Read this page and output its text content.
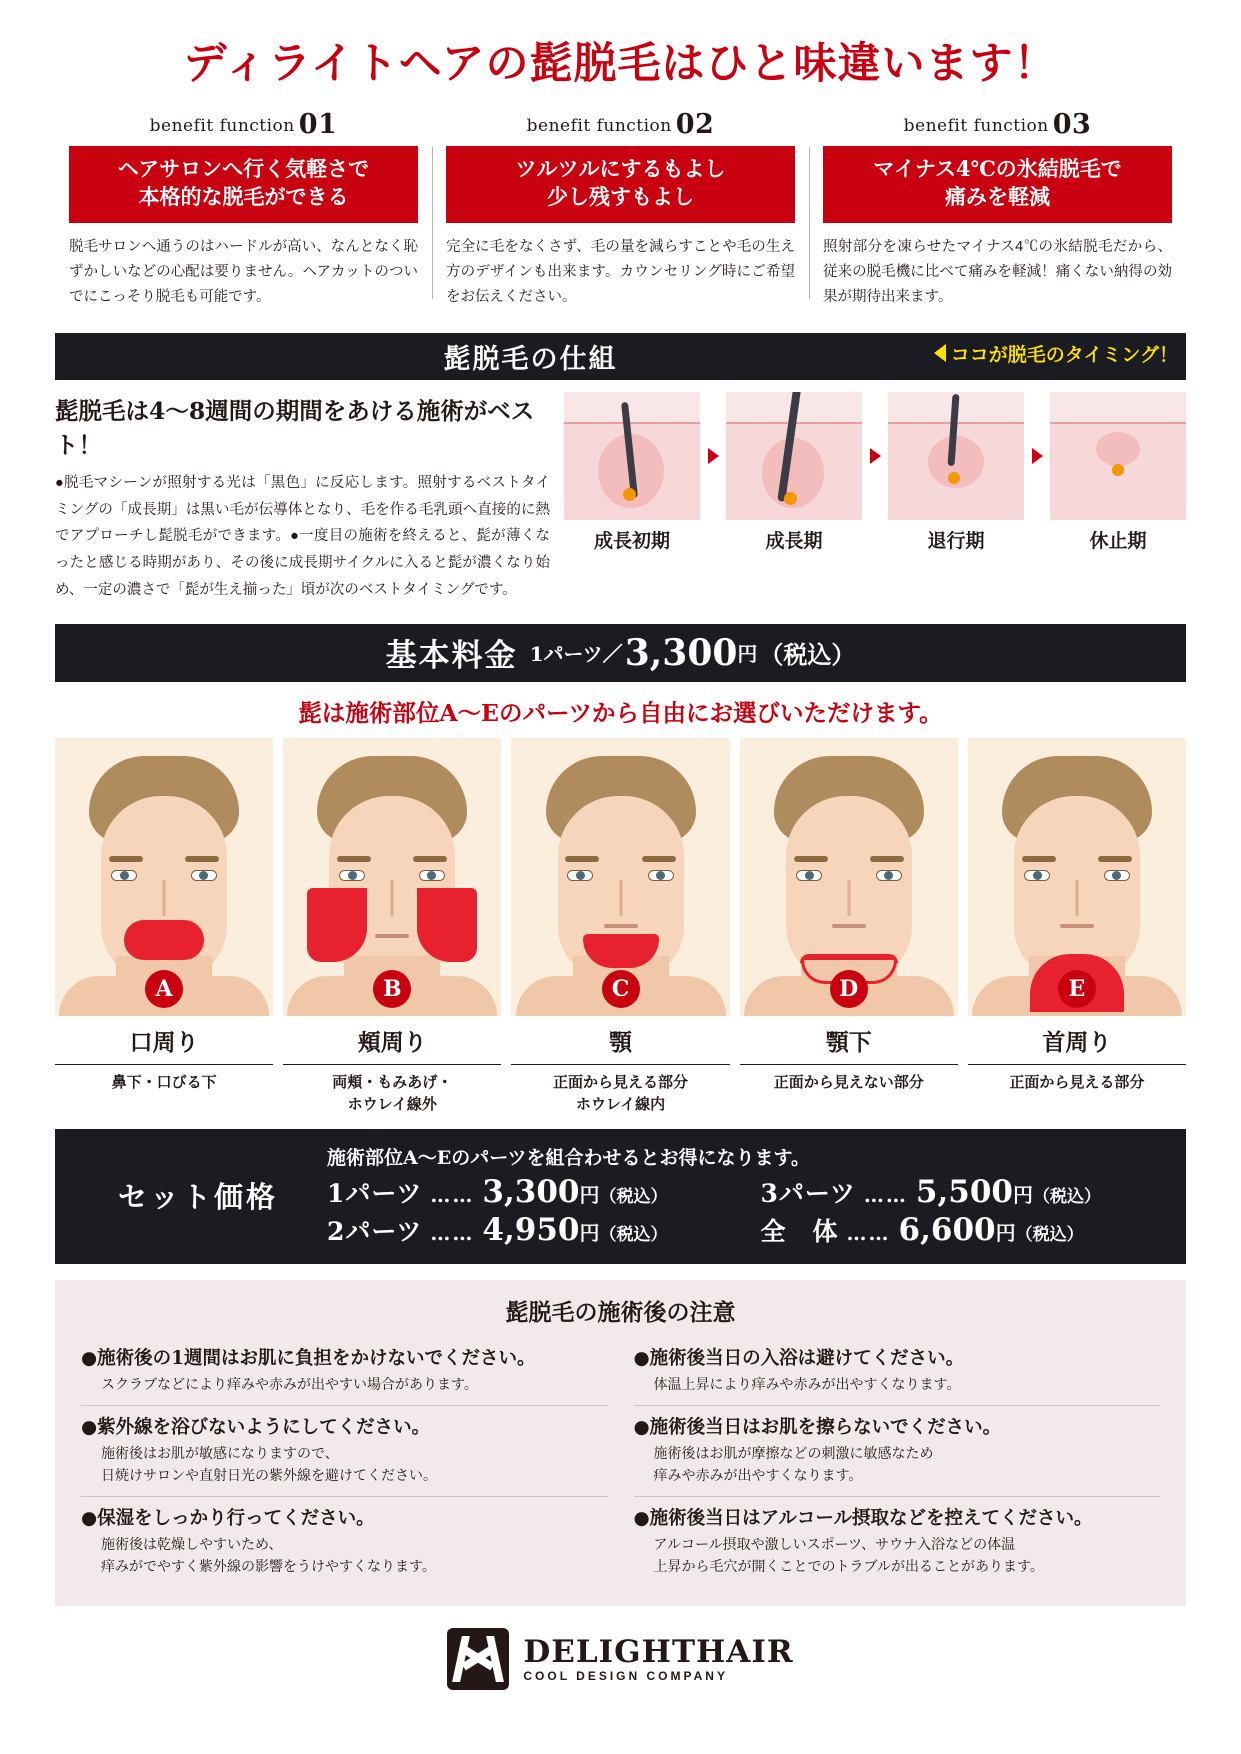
ディライトヘアの髭脱毛はひと味違います！
benefit function 01
ヘアサロンへ行く気軽さで
本格的な脱毛ができる
脱毛サロンへ通うのはハードルが高い、なんとなく恥ずかしいなどの心配は要りません。ヘアカットのついでにこっそり脱毛も可能です。
benefit function 02
ツルツルにするもよし
少し残すもよし
完全に毛をなくさず、毛の量を減らすことや毛の生え方のデザインも出来ます。カウンセリング時にご希望をお伝えください。
benefit function 03
マイナス4℃の氷結脱毛で
痛みを軽減
照射部分を凍らせたマイナス4℃の氷結脱毛だから、従来の脱毛機に比べて痛みを軽減！痛くない納得の効果が期待出来ます。
髭脱毛の仕組	ココが脱毛のタイミング！
髭脱毛は4〜8週間の期間をあける施術がベスト！
●脱毛マシーンが照射する光は「黒色」に反応します。照射するベストタイミングの「成長期」は黒い毛が伝導体となり、毛を作る毛乳頭へ直接的に熱でアプローチし髭脱毛ができます。●一度目の施術を終えると、髭が薄くなったと感じる時期があり、その後に成長期サイクルに入ると髭が濃くなり始め、一定の濃さで「髭が生え揃った」頃が次のベストタイミングです。
成長初期	成長期	退行期	休止期
基本料金 1パーツ／ 3,300 円 （税込）
髭は施術部位A〜Eのパーツから自由にお選びいただけます。
A
口周り
鼻下・口びる下
B
頬周り
両頬・もみあげ・
ホウレイ線外
C
顎
正面から見える部分
ホウレイ線内
D
顎下
正面から見えない部分
E
首周り
正面から見える部分
セット価格
施術部位A〜Eのパーツを組合わせるとお得になります。
1パーツ …… 3,300 円 （税込）	3パーツ …… 5,500 円 （税込）
2パーツ …… 4,950 円 （税込）	全　体 …… 6,600 円 （税込）
髭脱毛の施術後の注意
●施術後の1週間はお肌に負担をかけないでください。
スクラブなどにより痒みや赤みが出やすい場合があります。
●施術後当日の入浴は避けてください。
体温上昇により痒みや赤みが出やすくなります。
●紫外線を浴びないようにしてください。
施術後はお肌が敏感になりますので、
日焼けサロンや直射日光の紫外線を避けてください。
●施術後当日はお肌を擦らないでください。
施術後はお肌が摩擦などの刺激に敏感なため
痒みや赤みが出やすくなります。
●保湿をしっかり行ってください。
施術後は乾燥しやすいため、
痒みがでやすく紫外線の影響をうけやすくなります。
●施術後当日はアルコール摂取などを控えてください。
アルコール摂取や激しいスポーツ、サウナ入浴などの体温
上昇から毛穴が開くことでのトラブルが出ることがあります。
DELIGHTHAIR
COOL DESIGN COMPANY
